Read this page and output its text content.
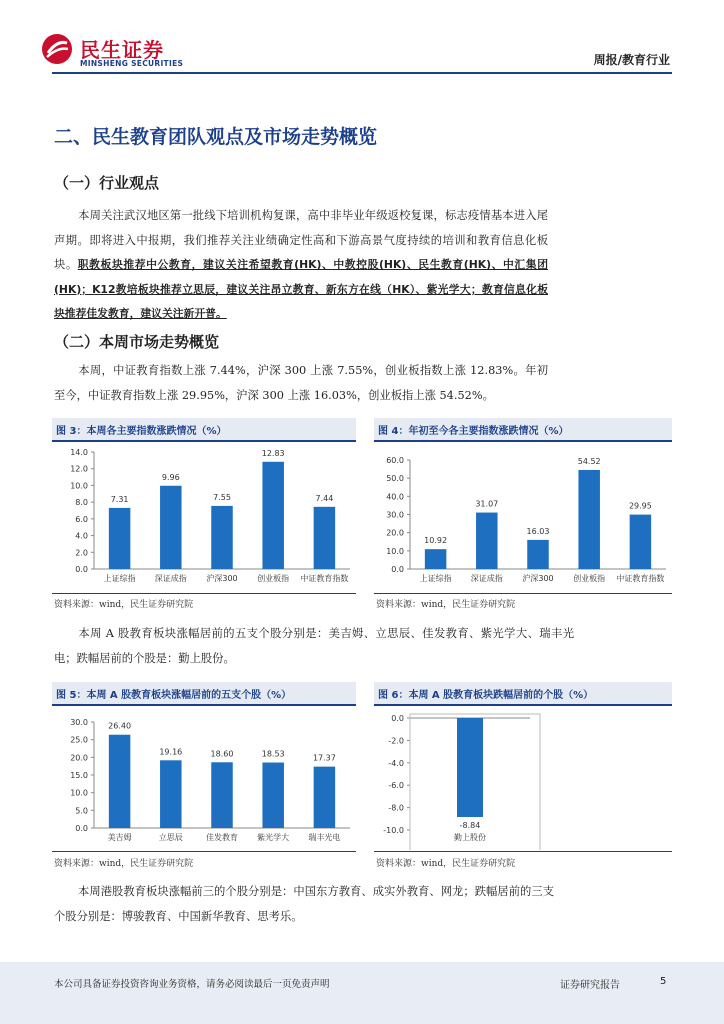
民生证券
MINSHENG SECURITIES	周报/教育行业
二、民生教育团队观点及市场走势概览
（一）行业观点
本周关注武汉地区第一批线下培训机构复课，高中非毕业年级返校复课，标志疫情基本进入尾声期。即将进入中报期，我们推荐关注业绩确定性高和下游高景气度持续的培训和教育信息化板块。职教板块推荐中公教育，建议关注希望教育(HK)、中教控股(HK)、民生教育(HK)、中汇集团(HK)；K12教培板块推荐立思辰，建议关注昂立教育、新东方在线（HK）、紫光学大；教育信息化板块推荐佳发教育，建议关注新开普。
（二）本周市场走势概览
本周，中证教育指数上涨 7.44%，沪深 300 上涨 7.55%，创业板指数上涨 12.83%。年初至今，中证教育指数上涨 29.95%，沪深 300 上涨 16.03%，创业板指上涨 54.52%。
图 3：本周各主要指数涨跌情况（%）
0.0
2.0
4.0
6.0
8.0
10.0
12.0
14.0
7.31
上证综指
9.96
深证成指
7.55
沪深300
12.83
创业板指
7.44
中证教育指数
资料来源：wind，民生证券研究院
图 4：年初至今各主要指数涨跌情况（%）
0.0
10.0
20.0
30.0
40.0
50.0
60.0
10.92
上证综指
31.07
深证成指
16.03
沪深300
54.52
创业板指
29.95
中证教育指数
资料来源：wind，民生证券研究院
本周 A 股教育板块涨幅居前的五支个股分别是：美吉姆、立思辰、佳发教育、紫光学大、瑞丰光电；跌幅居前的个股是：勤上股份。
图 5：本周 A 股教育板块涨幅居前的五支个股（%）
0.0
5.0
10.0
15.0
20.0
25.0
30.0	26.40
美吉姆
19.16
立思辰
18.60
佳发教育
18.53
紫光学大
17.37
瑞丰光电
资料来源：wind，民生证券研究院
图 6：本周 A 股教育板块跌幅居前的个股（%）
0.0
-2.0
-4.0
-6.0
-8.0
-10.0
-8.84
勤上股份
资料来源：wind，民生证券研究院
本周港股教育板块涨幅前三的个股分别是：中国东方教育、成实外教育、网龙；跌幅居前的三支个股分别是：博骏教育、中国新华教育、思考乐。
本公司具备证券投资咨询业务资格，请务必阅读最后一页免责声明	证券研究报告	5
